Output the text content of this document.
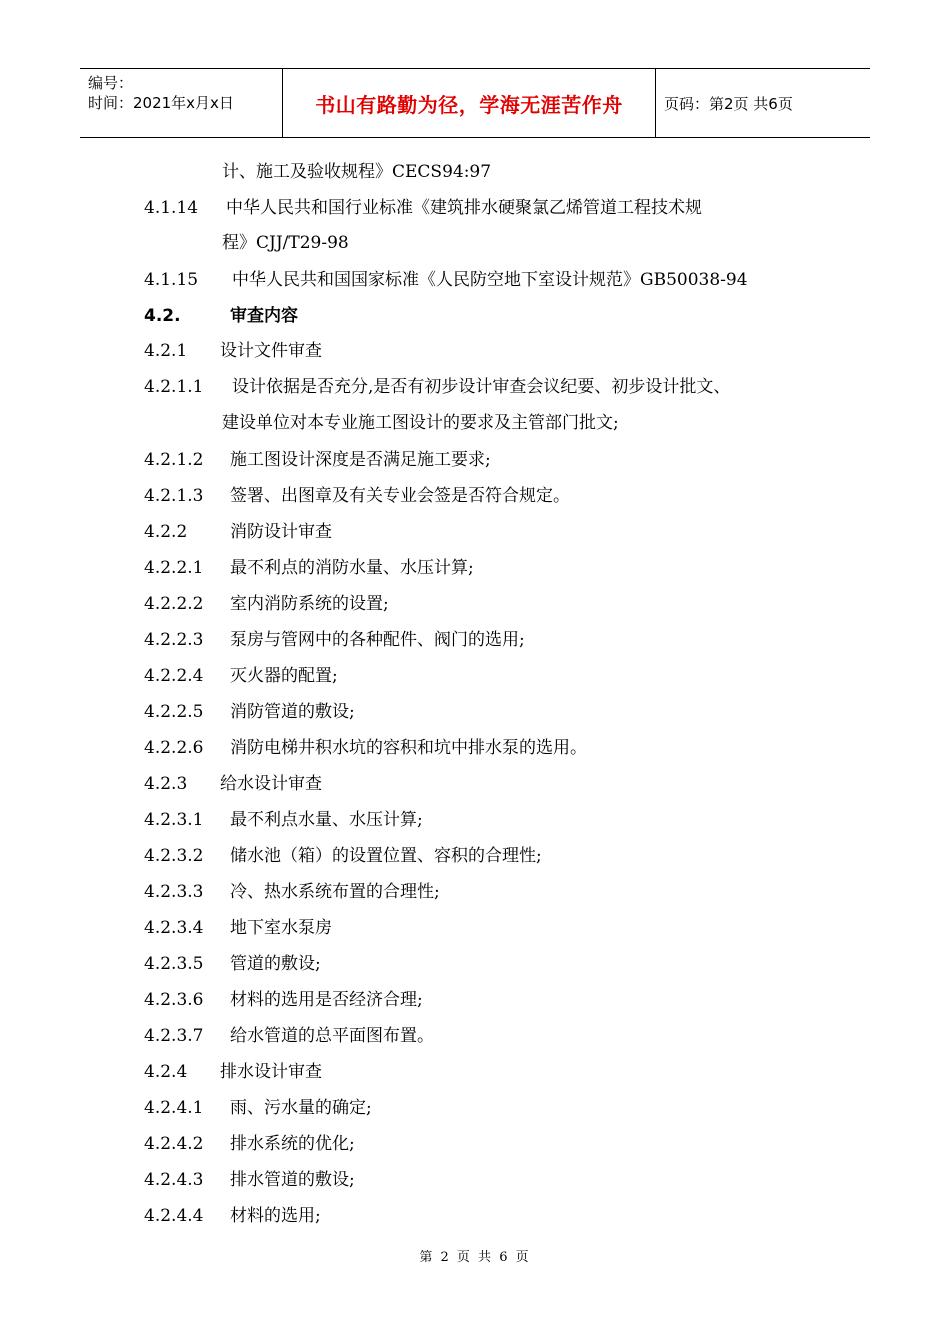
编号：
时间：2021年x月x日	书山有路勤为径，学海无涯苦作舟	页码：第2页 共6页
计、施工及验收规程》CECS94:97
4.1.14 中华人民共和国行业标准《建筑排水硬聚氯乙烯管道工程技术规
程》CJJ/T29-98
4.1.15 中华人民共和国国家标准《人民防空地下室设计规范》GB50038-94
4.2.	审查内容
4.2.1 设计文件审查
4.2.1.1 设计依据是否充分,是否有初步设计审查会议纪要、初步设计批文、
建设单位对本专业施工图设计的要求及主管部门批文;
4.2.1.2 施工图设计深度是否满足施工要求;
4.2.1.3 签署、出图章及有关专业会签是否符合规定。
4.2.2	消防设计审查
4.2.2.1 最不利点的消防水量、水压计算;
4.2.2.2 室内消防系统的设置;
4.2.2.3 泵房与管网中的各种配件、阀门的选用;
4.2.2.4 灭火器的配置;
4.2.2.5 消防管道的敷设;
4.2.2.6 消防电梯井积水坑的容积和坑中排水泵的选用。
4.2.3 给水设计审查
4.2.3.1 最不利点水量、水压计算;
4.2.3.2 储水池（箱）的设置位置、容积的合理性;
4.2.3.3 冷、热水系统布置的合理性;
4.2.3.4 地下室水泵房
4.2.3.5 管道的敷设;
4.2.3.6 材料的选用是否经济合理;
4.2.3.7 给水管道的总平面图布置。
4.2.4 排水设计审查
4.2.4.1 雨、污水量的确定;
4.2.4.2 排水系统的优化;
4.2.4.3 排水管道的敷设;
4.2.4.4 材料的选用;
第 2 页 共 6 页
